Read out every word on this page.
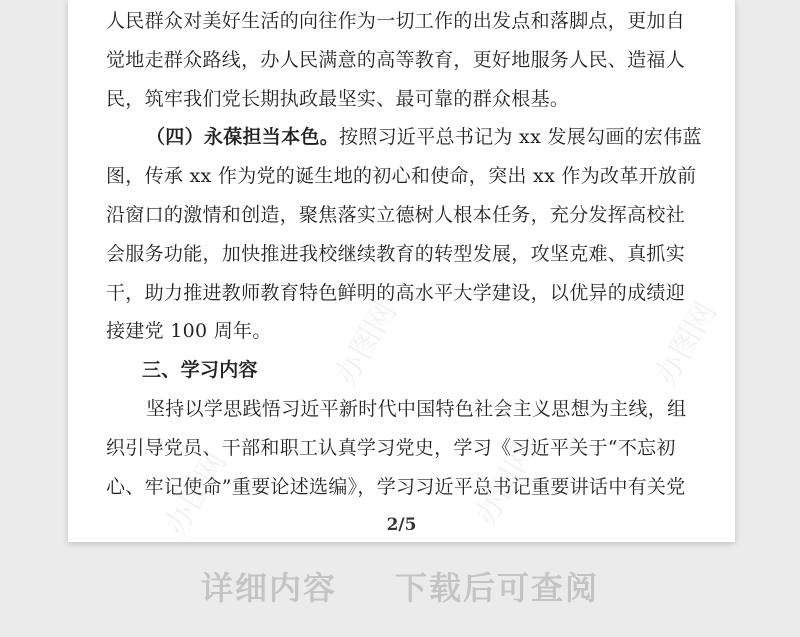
人民群众对美好生活的向往作为一切工作的出发点和落脚点，更加自
觉地走群众路线，办人民满意的高等教育，更好地服务人民、造福人
民，筑牢我们党长期执政最坚实、最可靠的群众根基。
（四）永葆担当本色。按照习近平总书记为 xx 发展勾画的宏伟蓝
图，传承 xx 作为党的诞生地的初心和使命，突出 xx 作为改革开放前
沿窗口的激情和创造，聚焦落实立德树人根本任务，充分发挥高校社
会服务功能，加快推进我校继续教育的转型发展，攻坚克难、真抓实
干，助力推进教师教育特色鲜明的高水平大学建设，以优异的成绩迎
接建党 100 周年。
三、学习内容
坚持以学思践悟习近平新时代中国特色社会主义思想为主线，组
织引导党员、干部和职工认真学习党史，学习《习近平关于“不忘初
心、牢记使命”重要论述选编》，学习习近平总书记重要讲话中有关党
办图网
办图网	办图网
办图网
2/5
详细内容 下载后可查阅
